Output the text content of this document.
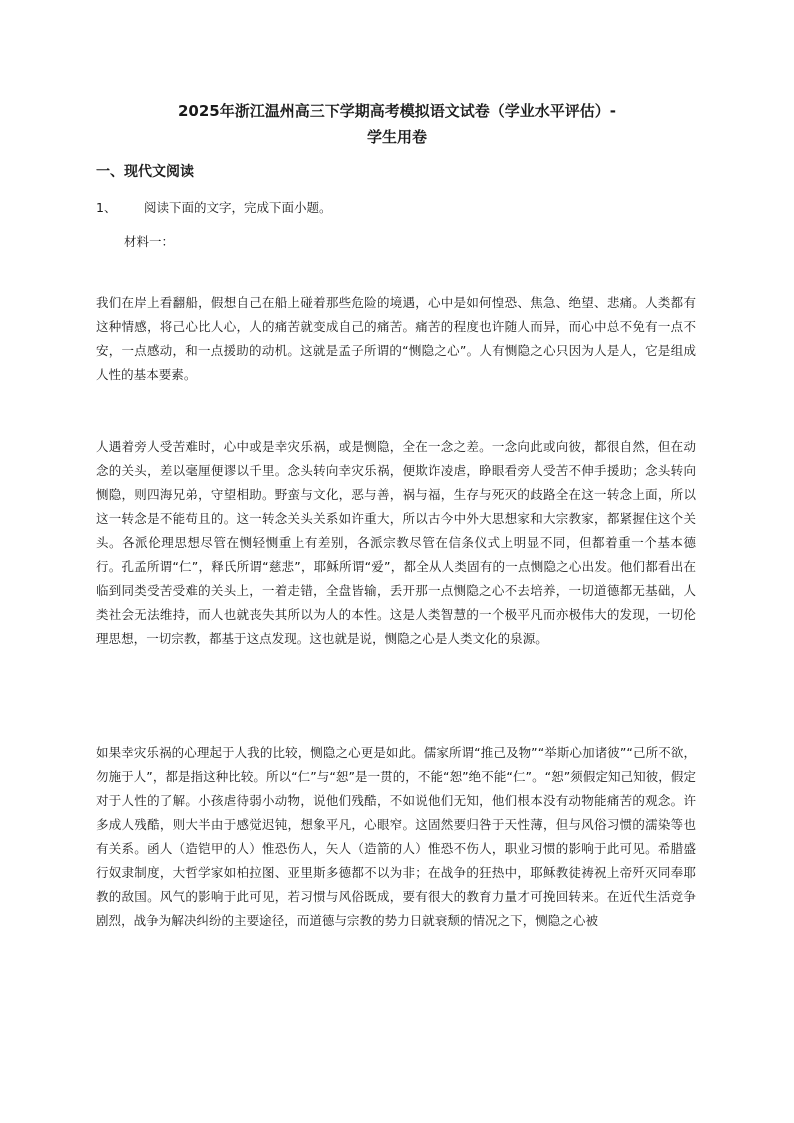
2025年浙江温州高三下学期高考模拟语文试卷（学业水平评估）-
学生用卷
一、现代文阅读
1、 阅读下面的文字，完成下面小题。
材料一：

我们在岸上看翻船，假想自己在船上碰着那些危险的境遇，心中是如何惶恐、焦急、绝望、悲痛。人类都有这种情感，将己心比人心，人的痛苦就变成自己的痛苦。痛苦的程度也许随人而异，而心中总不免有一点不安，一点感动，和一点援助的动机。这就是孟子所谓的“恻隐之心”。人有恻隐之心只因为人是人，它是组成人性的基本要素。

人遇着旁人受苦难时，心中或是幸灾乐祸，或是恻隐，全在一念之差。一念向此或向彼，都很自然，但在动念的关头，差以毫厘便谬以千里。念头转向幸灾乐祸，便欺诈凌虐，睁眼看旁人受苦不伸手援助；念头转向恻隐，则四海兄弟，守望相助。野蛮与文化，恶与善，祸与福，生存与死灭的歧路全在这一转念上面，所以这一转念是不能苟且的。这一转念关头关系如许重大，所以古今中外大思想家和大宗教家，都紧握住这个关头。各派伦理思想尽管在恻轻恻重上有差别，各派宗教尽管在信条仪式上明显不同，但都着重一个基本德行。孔孟所谓“仁”，释氏所谓“慈悲”，耶稣所谓“爱”，都全从人类固有的一点恻隐之心出发。他们都看出在临到同类受苦受难的关头上，一着走错，全盘皆输，丢开那一点恻隐之心不去培养，一切道德都无基础，人类社会无法维持，而人也就丧失其所以为人的本性。这是人类智慧的一个极平凡而亦极伟大的发现，一切伦理思想，一切宗教，都基于这点发现。这也就是说，恻隐之心是人类文化的泉源。

如果幸灾乐祸的心理起于人我的比较，恻隐之心更是如此。儒家所谓“推己及物”“举斯心加诸彼”“己所不欲，勿施于人”，都是指这种比较。所以“仁”与“恕”是一贯的，不能“恕”绝不能“仁”。“恕”须假定知己知彼，假定对于人性的了解。小孩虐待弱小动物，说他们残酷，不如说他们无知，他们根本没有动物能痛苦的观念。许多成人残酷，则大半由于感觉迟钝，想象平凡，心眼窄。这固然要归咎于天性薄，但与风俗习惯的濡染等也有关系。函人（造铠甲的人）惟恐伤人，矢人（造箭的人）惟恐不伤人，职业习惯的影响于此可见。希腊盛行奴隶制度，大哲学家如柏拉图、亚里斯多德都不以为非；在战争的狂热中，耶稣教徒祷祝上帝歼灭同奉耶教的敌国。风气的影响于此可见，若习惯与风俗既成，要有很大的教育力量才可挽回转来。在近代生活竞争剧烈，战争为解决纠纷的主要途径，而道德与宗教的势力日就衰颓的情况之下，恻隐之心被
